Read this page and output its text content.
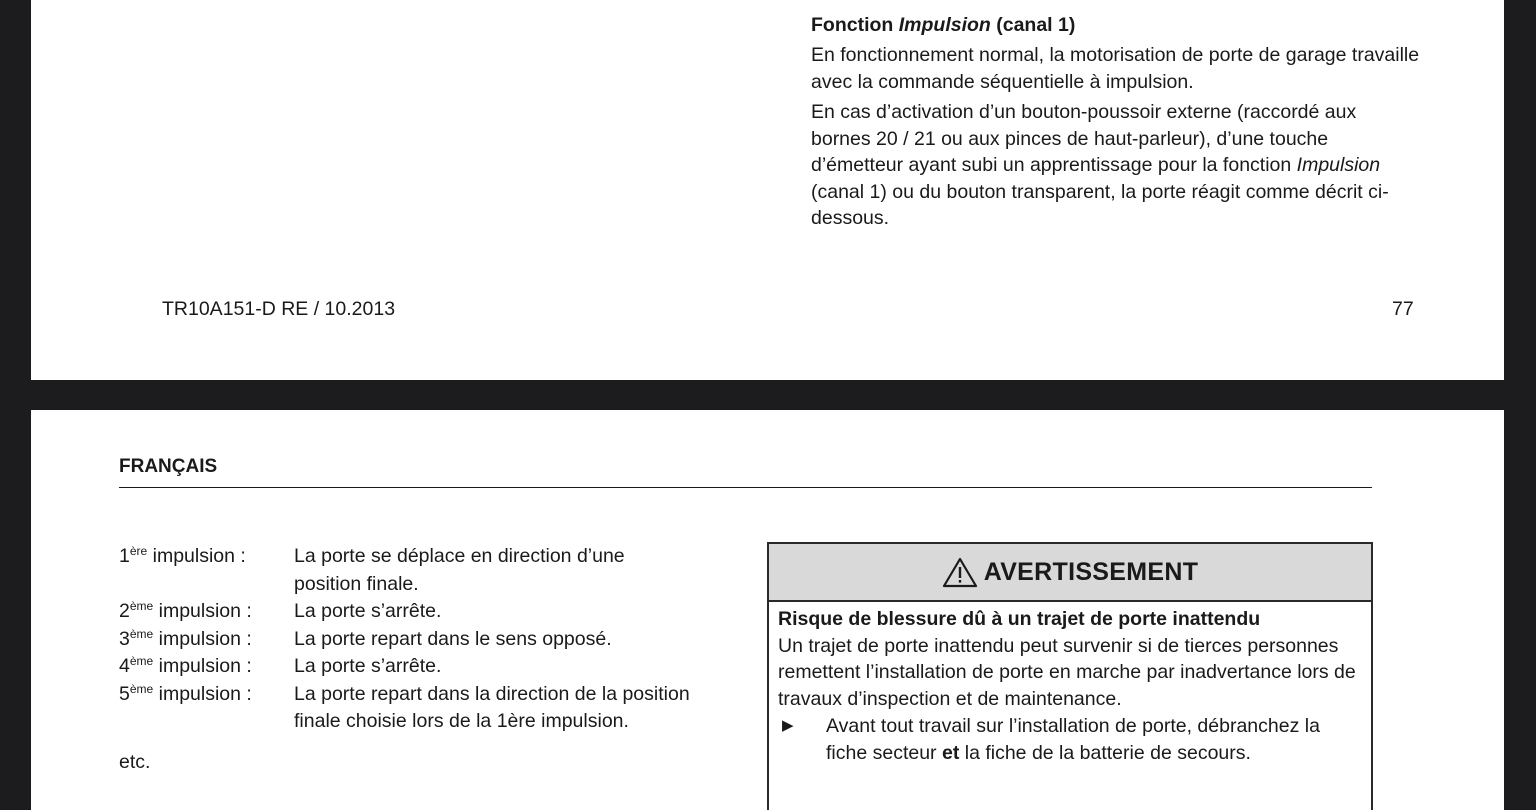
Fonction Impulsion (canal 1)

En fonctionnement normal, la motorisation de porte de garage travaille avec la commande séquentielle à impulsion.

En cas d’activation d’un bouton-poussoir externe (raccordé aux bornes 20 / 21 ou aux pinces de haut-parleur), d’une touche d’émetteur ayant subi un apprentissage pour la fonction Impulsion (canal 1) ou du bouton transparent, la porte réagit comme décrit ci-dessous.

TR10A151-D RE / 10.2013	77
FRANÇAIS
1ère impulsion :	La porte se déplace en direction d’une position finale.
2ème impulsion :	La porte s’arrête.
3ème impulsion :	La porte repart dans le sens opposé.
4ème impulsion :	La porte s’arrête.
5ème impulsion :	La porte repart dans la direction de la position finale choisie lors de la 1ère impulsion.
etc.
AVERTISSEMENT
Risque de blessure dû à un trajet de porte inattendu
Un trajet de porte inattendu peut survenir si de tierces personnes remettent l’installation de porte en marche par inadvertance lors de travaux d’inspection et de maintenance.
▶	Avant tout travail sur l’installation de porte, débranchez la fiche secteur et la fiche de la batterie de secours.
